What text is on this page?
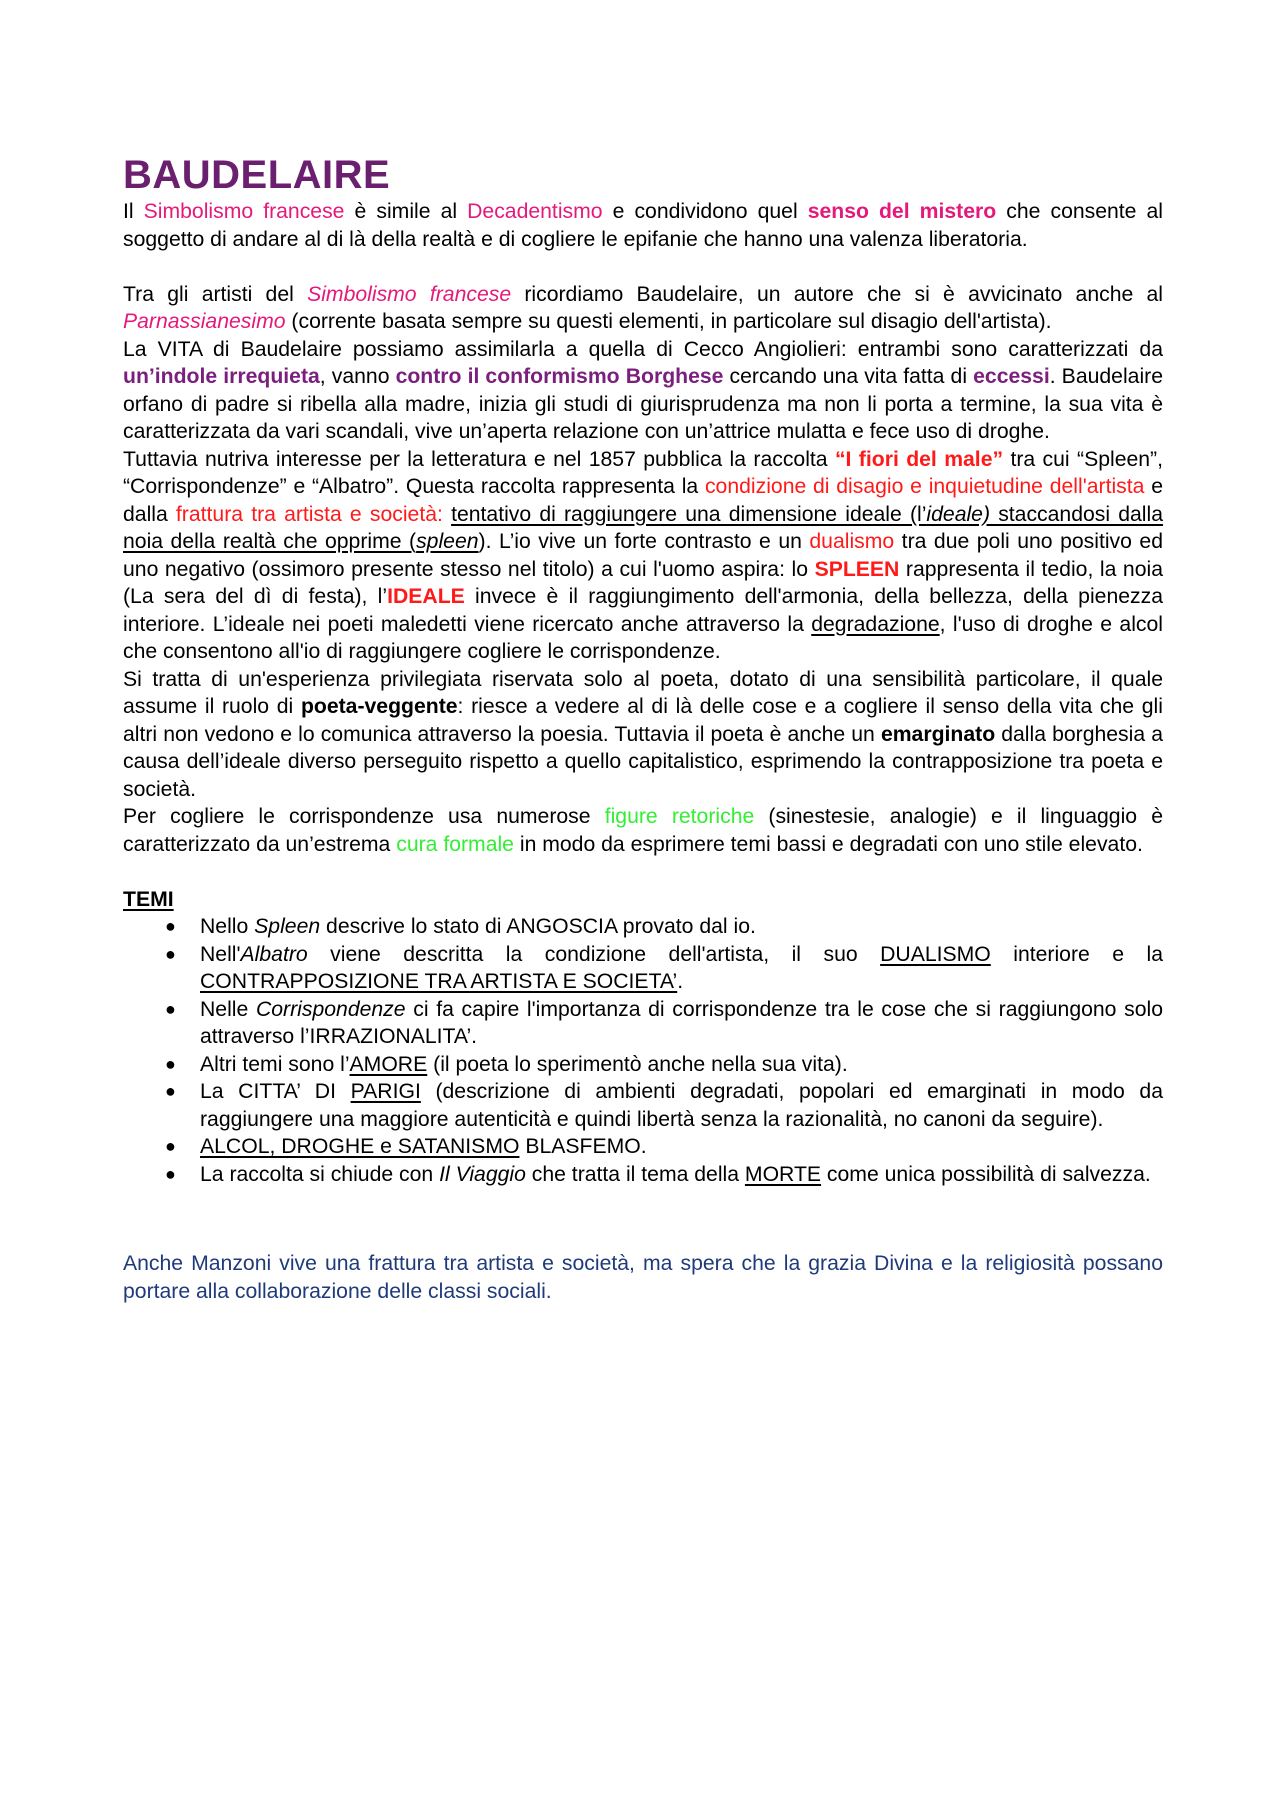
BAUDELAIRE

Il Simbolismo francese è simile al Decadentismo e condividono quel senso del mistero che consente al soggetto di andare al di là della realtà e di cogliere le epifanie che hanno una valenza liberatoria.

Tra gli artisti del Simbolismo francese ricordiamo Baudelaire, un autore che si è avvicinato anche al Parnassianesimo (corrente basata sempre su questi elementi, in particolare sul disagio dell'artista).

La VITA di Baudelaire possiamo assimilarla a quella di Cecco Angiolieri: entrambi sono caratterizzati da un’indole irrequieta, vanno contro il conformismo Borghese cercando una vita fatta di eccessi. Baudelaire orfano di padre si ribella alla madre, inizia gli studi di giurisprudenza ma non li porta a termine, la sua vita è caratterizzata da vari scandali, vive un’aperta relazione con un’attrice mulatta e fece uso di droghe.

Tuttavia nutriva interesse per la letteratura e nel 1857 pubblica la raccolta “I fiori del male” tra cui “Spleen”, “Corrispondenze” e “Albatro”. Questa raccolta rappresenta la condizione di disagio e inquietudine dell'artista e dalla frattura tra artista e società: tentativo di raggiungere una dimensione ideale (l’ideale) staccandosi dalla noia della realtà che opprime (spleen). L’io vive un forte contrasto e un dualismo tra due poli uno positivo ed uno negativo (ossimoro presente stesso nel titolo) a cui l'uomo aspira: lo SPLEEN rappresenta il tedio, la noia (La sera del dì di festa), l’IDEALE invece è il raggiungimento dell'armonia, della bellezza, della pienezza interiore. L’ideale nei poeti maledetti viene ricercato anche attraverso la degradazione, l'uso di droghe e alcol che consentono all'io di raggiungere cogliere le corrispondenze.

Si tratta di un'esperienza privilegiata riservata solo al poeta, dotato di una sensibilità particolare, il quale assume il ruolo di poeta-veggente: riesce a vedere al di là delle cose e a cogliere il senso della vita che gli altri non vedono e lo comunica attraverso la poesia. Tuttavia il poeta è anche un emarginato dalla borghesia a causa dell’ideale diverso perseguito rispetto a quello capitalistico, esprimendo la contrapposizione tra poeta e società.

Per cogliere le corrispondenze usa numerose figure retoriche (sinestesie, analogie) e il linguaggio è caratterizzato da un’estrema cura formale in modo da esprimere temi bassi e degradati con uno stile elevato.

TEMI

● Nello Spleen descrive lo stato di ANGOSCIA provato dal io.
● Nell'Albatro viene descritta la condizione dell'artista, il suo DUALISMO interiore e la CONTRAPPOSIZIONE TRA ARTISTA E SOCIETA’.
● Nelle Corrispondenze ci fa capire l'importanza di corrispondenze tra le cose che si raggiungono solo attraverso l’IRRAZIONALITA’.
● Altri temi sono l’AMORE (il poeta lo sperimentò anche nella sua vita).
● La CITTA’ DI PARIGI (descrizione di ambienti degradati, popolari ed emarginati in modo da raggiungere una maggiore autenticità e quindi libertà senza la razionalità, no canoni da seguire).
● ALCOL, DROGHE e SATANISMO BLASFEMO.
● La raccolta si chiude con Il Viaggio che tratta il tema della MORTE come unica possibilità di salvezza.

Anche Manzoni vive una frattura tra artista e società, ma spera che la grazia Divina e la religiosità possano portare alla collaborazione delle classi sociali.
